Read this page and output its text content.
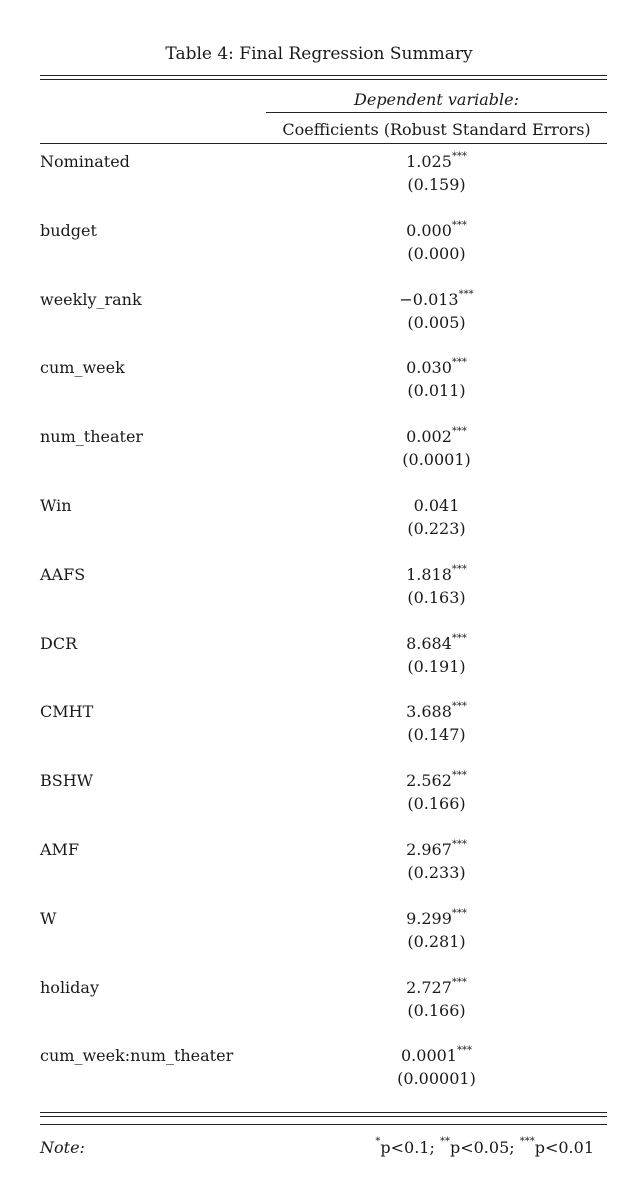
Table 4: Final Regression Summary
Dependent variable:
Coefficients (Robust Standard Errors)
Nominated	1.025***
(0.159)
budget	0.000***
(0.000)
weekly_rank	−0.013***
(0.005)
cum_week	0.030***
(0.011)
num_theater	0.002***
(0.0001)
Win	0.041
(0.223)
AAFS	1.818***
(0.163)
DCR	8.684***
(0.191)
CMHT	3.688***
(0.147)
BSHW	2.562***
(0.166)
AMF	2.967***
(0.233)
W	9.299***
(0.281)
holiday	2.727***
(0.166)
cum_week:num_theater	0.0001***
(0.00001)
Note:	*p<0.1; **p<0.05; ***p<0.01
